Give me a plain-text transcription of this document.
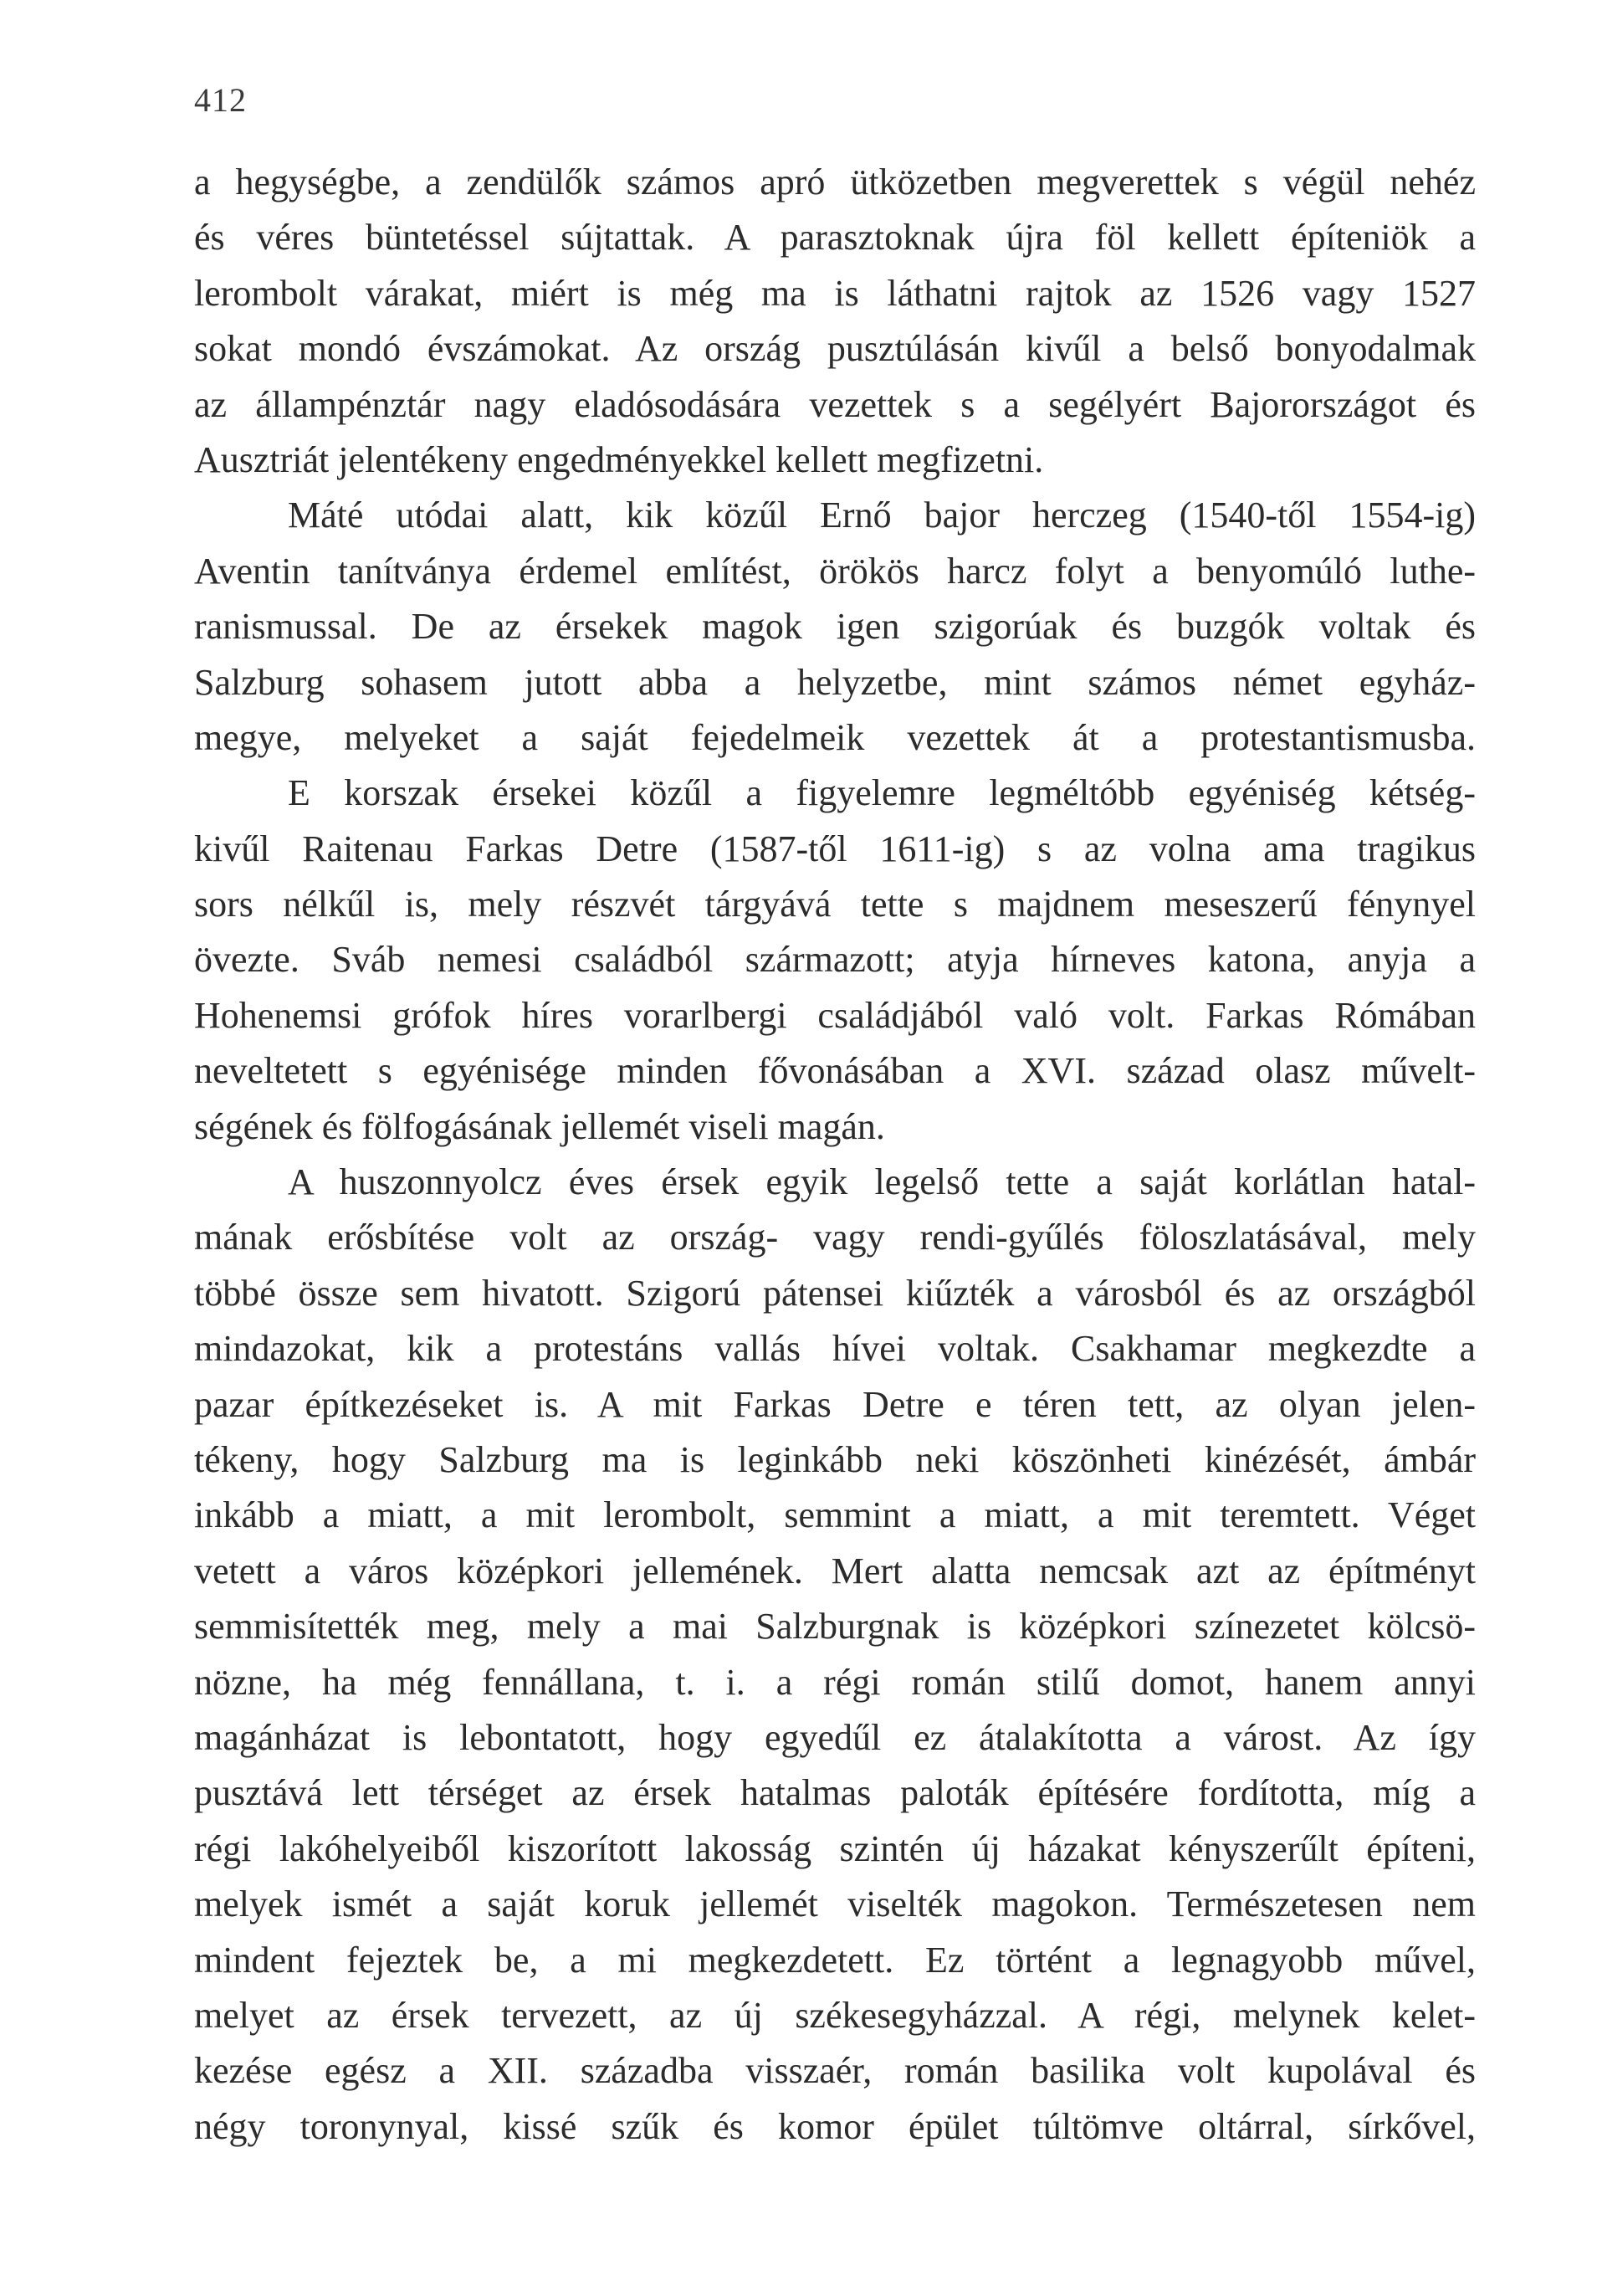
412
a hegységbe, a zendülők számos apró ütközetben megverettek s végül nehéz
és véres büntetéssel sújtattak. A parasztoknak újra föl kellett építeniök a
lerombolt várakat, miért is még ma is láthatni rajtok az 1526 vagy 1527
sokat mondó évszámokat. Az ország pusztúlásán kivűl a belső bonyodalmak
az állampénztár nagy eladósodására vezettek s a segélyért Bajorországot és
Ausztriát jelentékeny engedményekkel kellett megfizetni.
Máté utódai alatt, kik közűl Ernő bajor herczeg (1540-től 1554-ig)
Aventin tanítványa érdemel említést, örökös harcz folyt a benyomúló luthe-
ranismussal. De az érsekek magok igen szigorúak és buzgók voltak és
Salzburg sohasem jutott abba a helyzetbe, mint számos német egyház-
megye, melyeket a saját fejedelmeik vezettek át a protestantismusba.
E korszak érsekei közűl a figyelemre legméltóbb egyéniség kétség-
kivűl Raitenau Farkas Detre (1587-től 1611-ig) s az volna ama tragikus
sors nélkűl is, mely részvét tárgyává tette s majdnem meseszerű fénynyel
övezte. Sváb nemesi családból származott; atyja hírneves katona, anyja a
Hohenemsi grófok híres vorarlbergi családjából való volt. Farkas Rómában
neveltetett s egyénisége minden fővonásában a XVI. század olasz művelt-
ségének és fölfogásának jellemét viseli magán.
A huszonnyolcz éves érsek egyik legelső tette a saját korlátlan hatal-
mának erősbítése volt az ország- vagy rendi-gyűlés föloszlatásával, mely
többé össze sem hivatott. Szigorú pátensei kiűzték a városból és az országból
mindazokat, kik a protestáns vallás hívei voltak. Csakhamar megkezdte a
pazar építkezéseket is. A mit Farkas Detre e téren tett, az olyan jelen-
tékeny, hogy Salzburg ma is leginkább neki köszönheti kinézését, ámbár
inkább a miatt, a mit lerombolt, semmint a miatt, a mit teremtett. Véget
vetett a város középkori jellemének. Mert alatta nemcsak azt az építményt
semmisítették meg, mely a mai Salzburgnak is középkori színezetet kölcsö-
nözne, ha még fennállana, t. i. a régi román stilű domot, hanem annyi
magánházat is lebontatott, hogy egyedűl ez átalakította a várost. Az így
pusztává lett térséget az érsek hatalmas paloták építésére fordította, míg a
régi lakóhelyeiből kiszorított lakosság szintén új házakat kényszerűlt építeni,
melyek ismét a saját koruk jellemét viselték magokon. Természetesen nem
mindent fejeztek be, a mi megkezdetett. Ez történt a legnagyobb művel,
melyet az érsek tervezett, az új székesegyházzal. A régi, melynek kelet-
kezése egész a XII. századba visszaér, román basilika volt kupolával és
négy toronynyal, kissé szűk és komor épület túltömve oltárral, sírkővel,
